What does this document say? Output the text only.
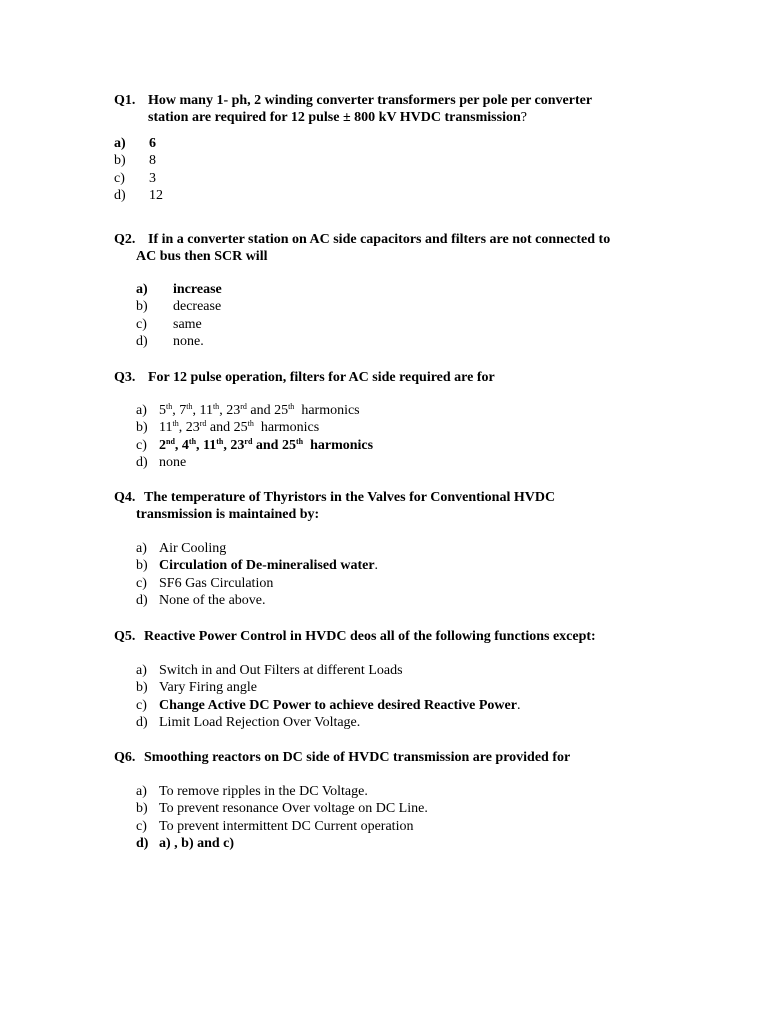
Q1. How many 1- ph, 2 winding converter transformers per pole per converter
station are required for 12 pulse ± 800 kV HVDC transmission?
a) 6
b) 8
c) 3
d) 12
Q2. If in a converter station on AC side capacitors and filters are not connected to
AC bus then SCR will
a) increase
b) decrease
c) same
d) none.
Q3. For 12 pulse operation, filters for AC side required are for
a) 5th, 7th, 11th, 23rd and 25th  harmonics
b) 11th, 23rd and 25th  harmonics
c) 2nd, 4th, 11th, 23rd and 25th  harmonics
d) none
Q4. The temperature of Thyristors in the Valves for Conventional HVDC
transmission is maintained by:
a) Air Cooling
b) Circulation of De-mineralised water.
c) SF6 Gas Circulation
d) None of the above.
Q5. Reactive Power Control in HVDC deos all of the following functions except:
a) Switch in and Out Filters at different Loads
b) Vary Firing angle
c) Change Active DC Power to achieve desired Reactive Power.
d) Limit Load Rejection Over Voltage.
Q6. Smoothing reactors on DC side of HVDC transmission are provided for
a) To remove ripples in the DC Voltage.
b) To prevent resonance Over voltage on DC Line.
c) To prevent intermittent DC Current operation
d) a) , b) and c)
